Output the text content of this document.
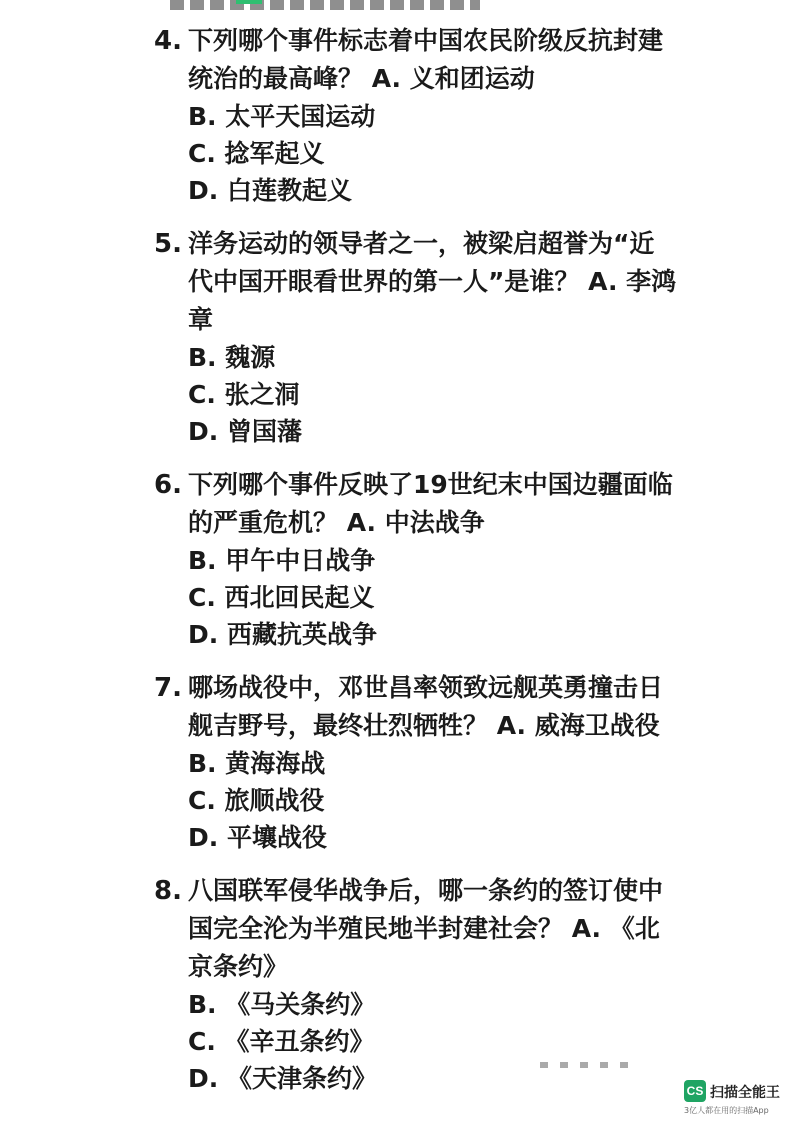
4. 下列哪个事件标志着中国农民阶级反抗封建
统治的最高峰？ A. 义和团运动
B. 太平天国运动
C. 捻军起义
D. 白莲教起义
5. 洋务运动的领导者之一，被梁启超誉为“近
代中国开眼看世界的第一人”是谁？ A. 李鸿
章
B. 魏源
C. 张之洞
D. 曾国藩
6. 下列哪个事件反映了19世纪末中国边疆面临
的严重危机？ A. 中法战争
B. 甲午中日战争
C. 西北回民起义
D. 西藏抗英战争
7. 哪场战役中，邓世昌率领致远舰英勇撞击日
舰吉野号，最终壮烈牺牲？ A. 威海卫战役
B. 黄海海战
C. 旅顺战役
D. 平壤战役
8. 八国联军侵华战争后，哪一条约的签订使中
国完全沦为半殖民地半封建社会？ A. 《北
京条约》
B. 《马关条约》
C. 《辛丑条约》
D. 《天津条约》	CS 扫描全能王
3亿人都在用的扫描App
